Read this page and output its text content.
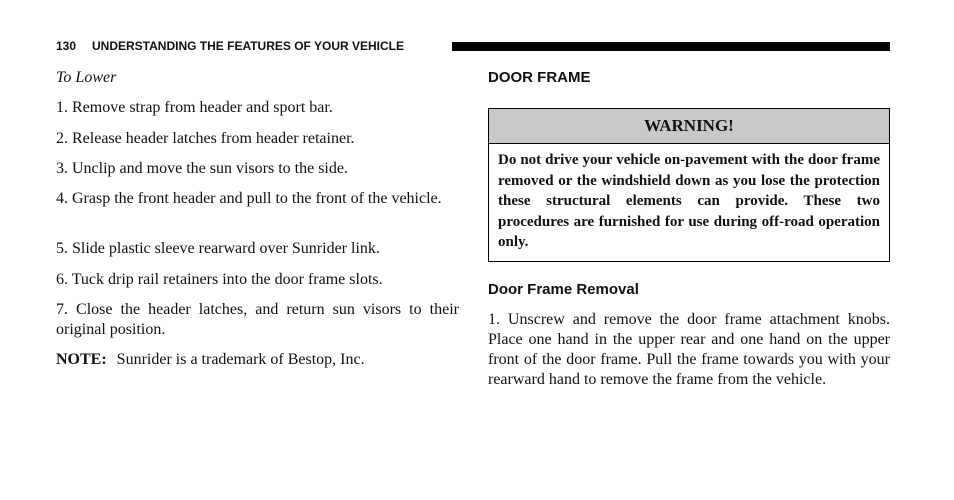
130 UNDERSTANDING THE FEATURES OF YOUR VEHICLE

To Lower

1. Remove strap from header and sport bar.

2. Release header latches from header retainer.

3. Unclip and move the sun visors to the side.

4. Grasp the front header and pull to the front of the vehicle.

5. Slide plastic sleeve rearward over Sunrider link.

6. Tuck drip rail retainers into the door frame slots.

7. Close the header latches, and return sun visors to their original position.

NOTE: Sunrider is a trademark of Bestop, Inc.

DOOR FRAME

WARNING!

Do not drive your vehicle on-pavement with the door frame removed or the windshield down as you lose the protection these structural elements can provide. These two procedures are furnished for use during off-road operation only.

Door Frame Removal

1. Unscrew and remove the door frame attachment knobs. Place one hand in the upper rear and one hand on the upper front of the door frame. Pull the frame towards you with your rearward hand to remove the frame from the vehicle.
